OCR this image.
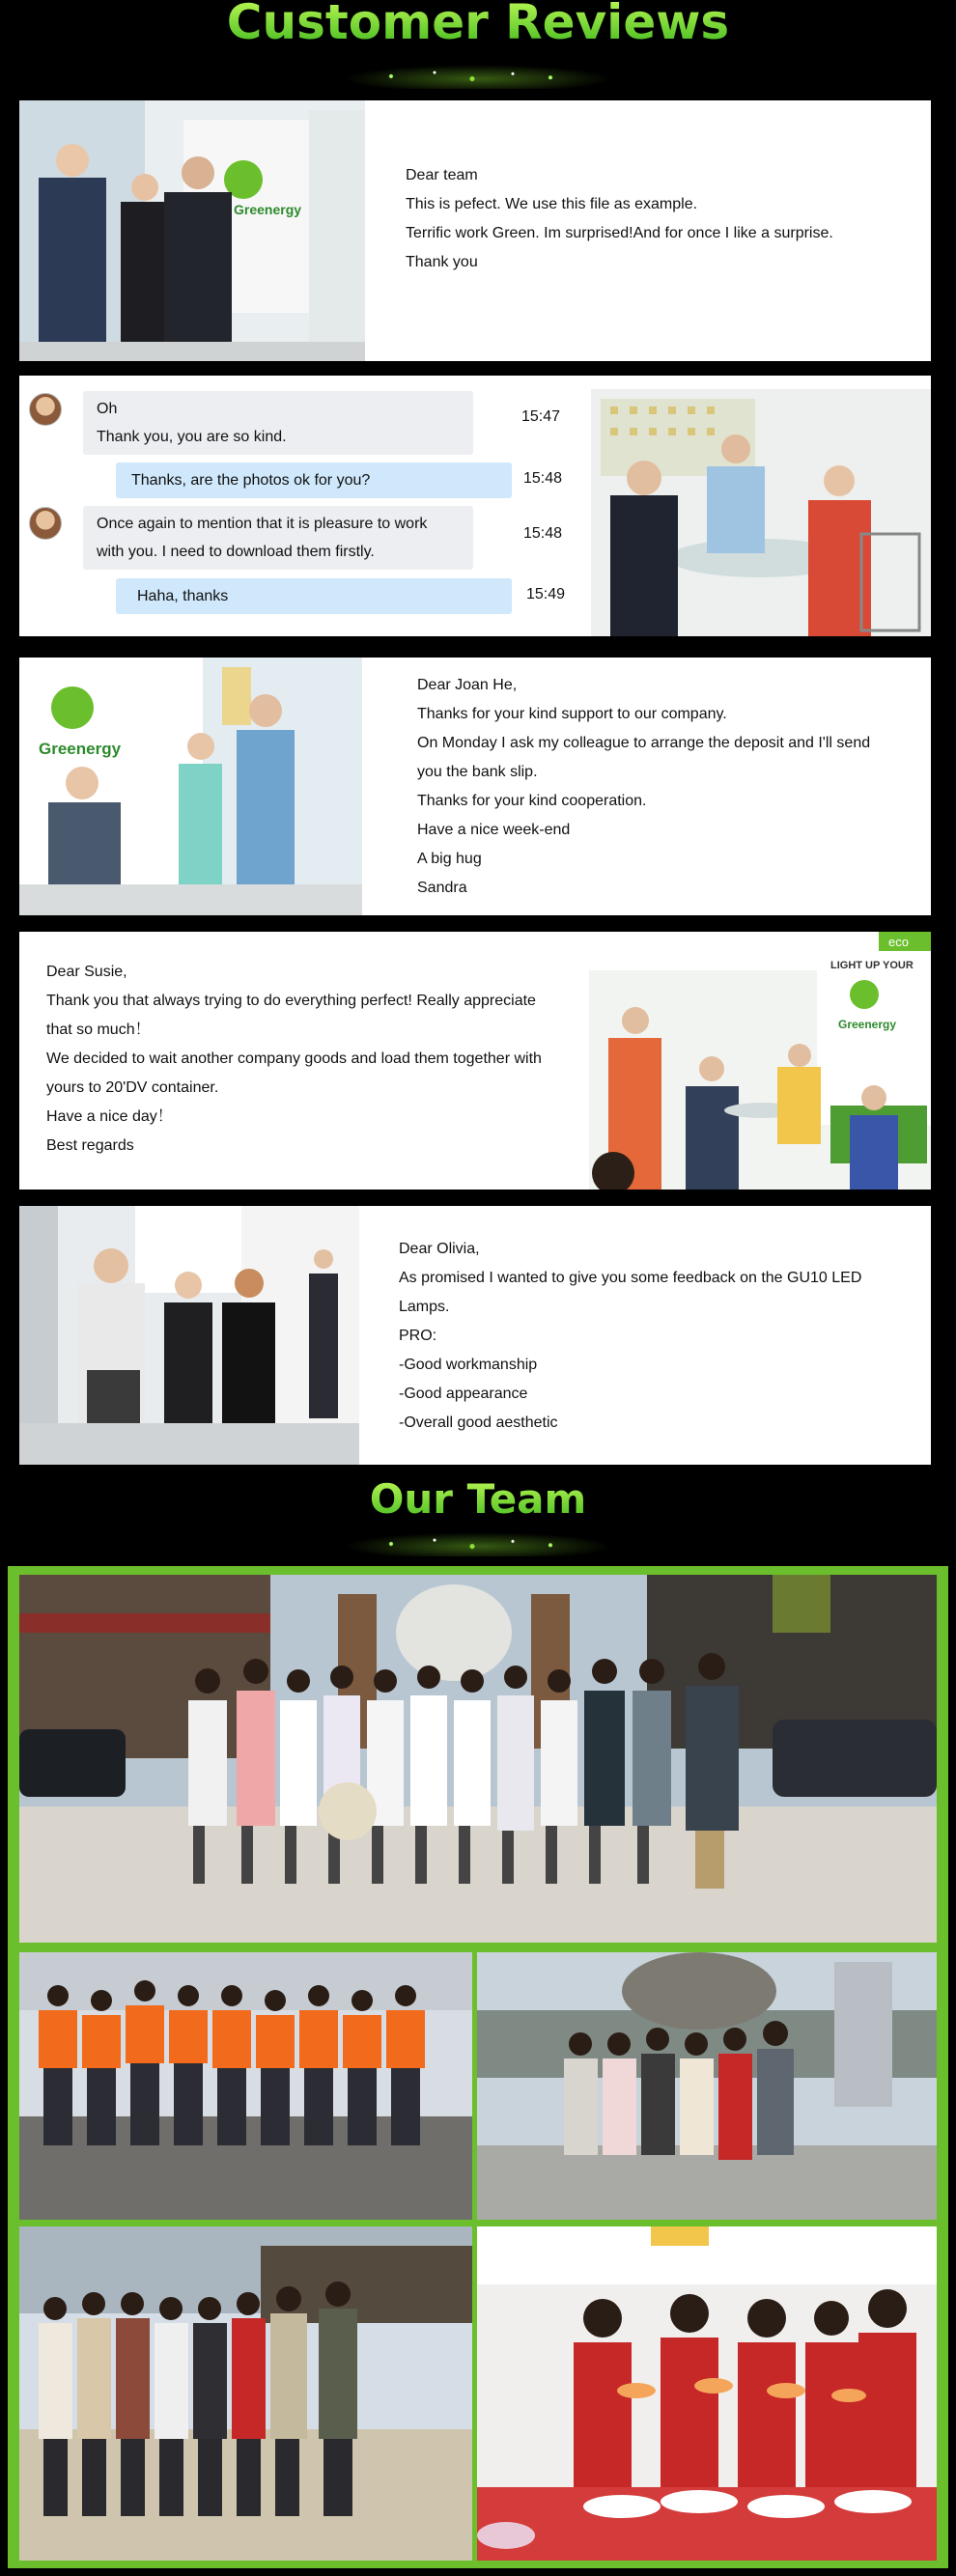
Customer Reviews
Greenergy
Dear team
This is pefect. We use this file as example.
Terrific work Green. Im surprised!And for once I like a surprise.
Thank you
Oh
Thank you, you are so kind.
15:47
Thanks, are the photos ok for you?	15:48
Once again to mention that it is pleasure to work
with you. I need to download them firstly.
15:48
Haha, thanks	15:49
Greenergy
Dear Joan He,
Thanks for your kind support to our company.
On Monday I ask my colleague to arrange the deposit and I'll send
you the bank slip.
Thanks for your kind cooperation.
Have a nice week-end
A big hug
Sandra
Dear Susie,
Thank you that always trying to do everything perfect! Really appreciate
that so much！
We decided to wait another company goods and load them together with
yours to 20'DV container.
Have a nice day！
Best regards
eco
LIGHT UP YOUR
Greenergy
Dear Olivia,
As promised I wanted to give you some feedback on the GU10 LED
Lamps.
PRO:
-Good workmanship
-Good appearance
-Overall good aesthetic
Our Team
